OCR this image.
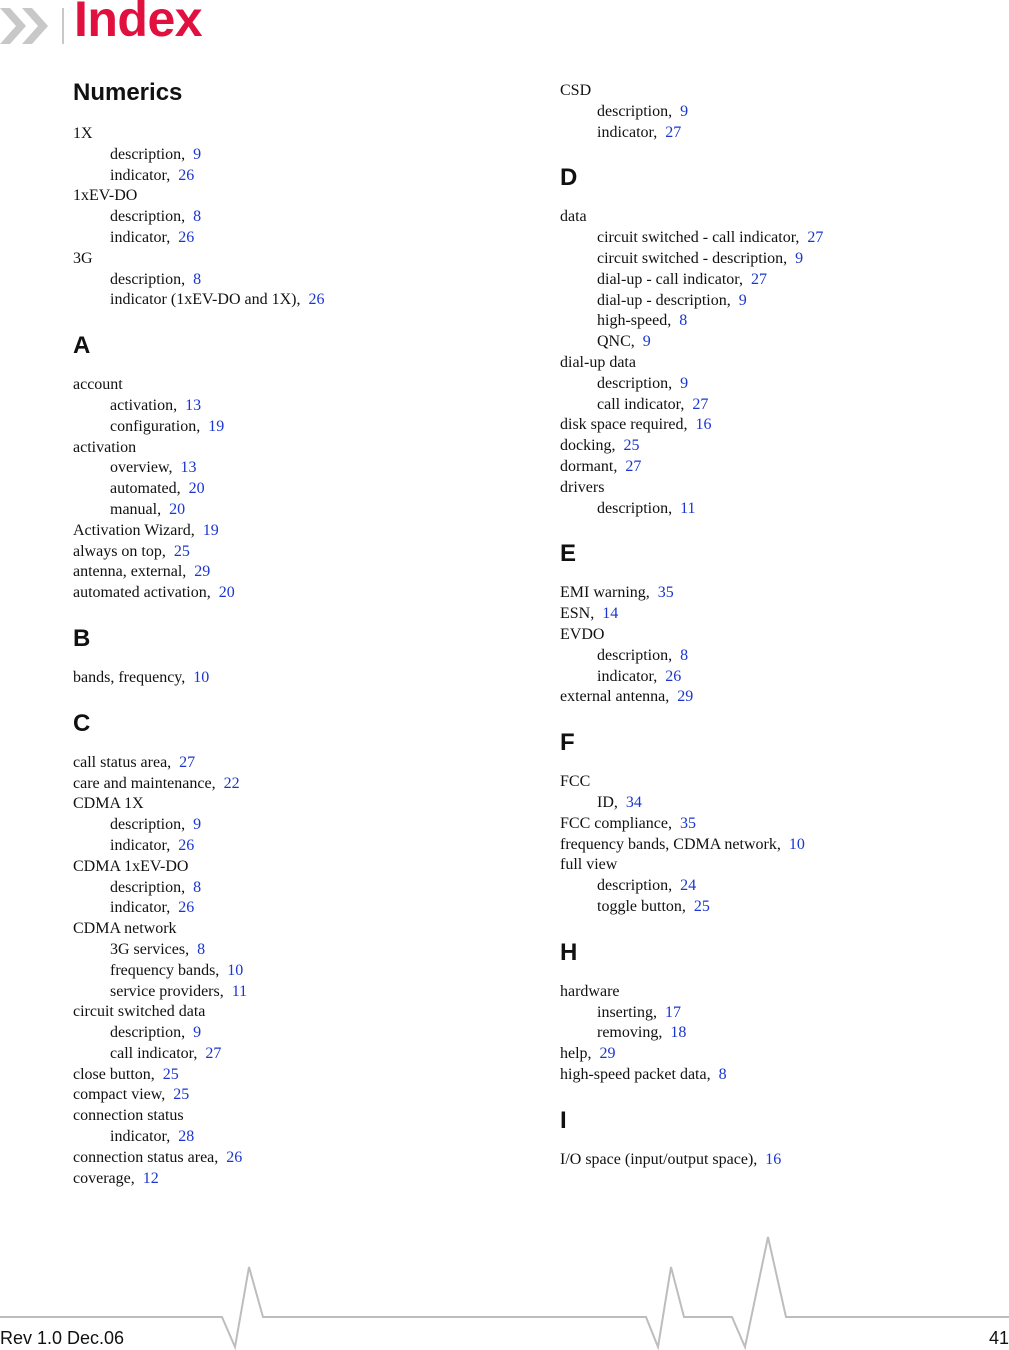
Index
Numerics
1X
description, 9
indicator, 26
1xEV-DO
description, 8
indicator, 26
3G
description, 8
indicator (1xEV-DO and 1X), 26
A
account
activation, 13
configuration, 19
activation
overview, 13
automated, 20
manual, 20
Activation Wizard, 19
always on top, 25
antenna, external, 29
automated activation, 20
B
bands, frequency, 10
C
call status area, 27
care and maintenance, 22
CDMA 1X
description, 9
indicator, 26
CDMA 1xEV-DO
description, 8
indicator, 26
CDMA network
3G services, 8
frequency bands, 10
service providers, 11
circuit switched data
description, 9
call indicator, 27
close button, 25
compact view, 25
connection status
indicator, 28
connection status area, 26
coverage, 12
CSD
description, 9
indicator, 27
D
data
circuit switched - call indicator, 27
circuit switched - description, 9
dial-up - call indicator, 27
dial-up - description, 9
high-speed, 8
QNC, 9
dial-up data
description, 9
call indicator, 27
disk space required, 16
docking, 25
dormant, 27
drivers
description, 11
E
EMI warning, 35
ESN, 14
EVDO
description, 8
indicator, 26
external antenna, 29
F
FCC
ID, 34
FCC compliance, 35
frequency bands, CDMA network, 10
full view
description, 24
toggle button, 25
H
hardware
inserting, 17
removing, 18
help, 29
high-speed packet data, 8
I
I/O space (input/output space), 16
Rev 1.0 Dec.06	41
